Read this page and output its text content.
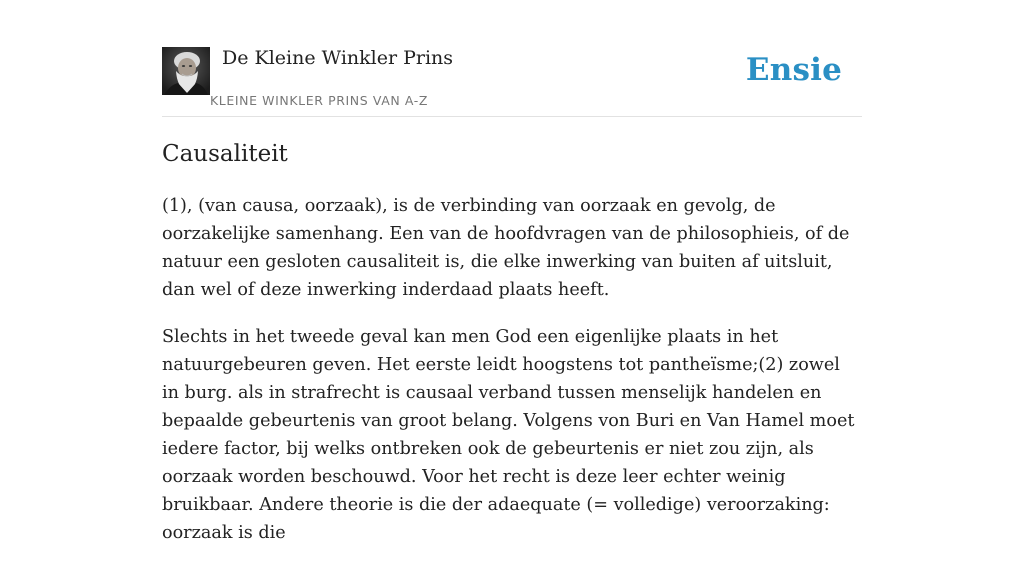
De Kleine Winkler Prins
KLEINE WINKLER PRINS VAN A-Z
Ensie
Causaliteit

(1), (van causa, oorzaak), is de verbinding van oorzaak en gevolg, de oorzakelijke samenhang. Een van de hoofdvragen van de philosophieis, of de natuur een gesloten causaliteit is, die elke inwerking van buiten af uitsluit, dan wel of deze inwerking inderdaad plaats heeft.

Slechts in het tweede geval kan men God een eigenlijke plaats in het natuurgebeuren geven. Het eerste leidt hoogstens tot pantheïsme;(2) zowel in burg. als in strafrecht is causaal verband tussen menselijk handelen en bepaalde gebeurtenis van groot belang. Volgens von Buri en Van Hamel moet iedere factor, bij welks ontbreken ook de gebeurtenis er niet zou zijn, als oorzaak worden beschouwd. Voor het recht is deze leer echter weinig bruikbaar. Andere theorie is die der adaequate (= volledige) veroorzaking: oorzaak is die
